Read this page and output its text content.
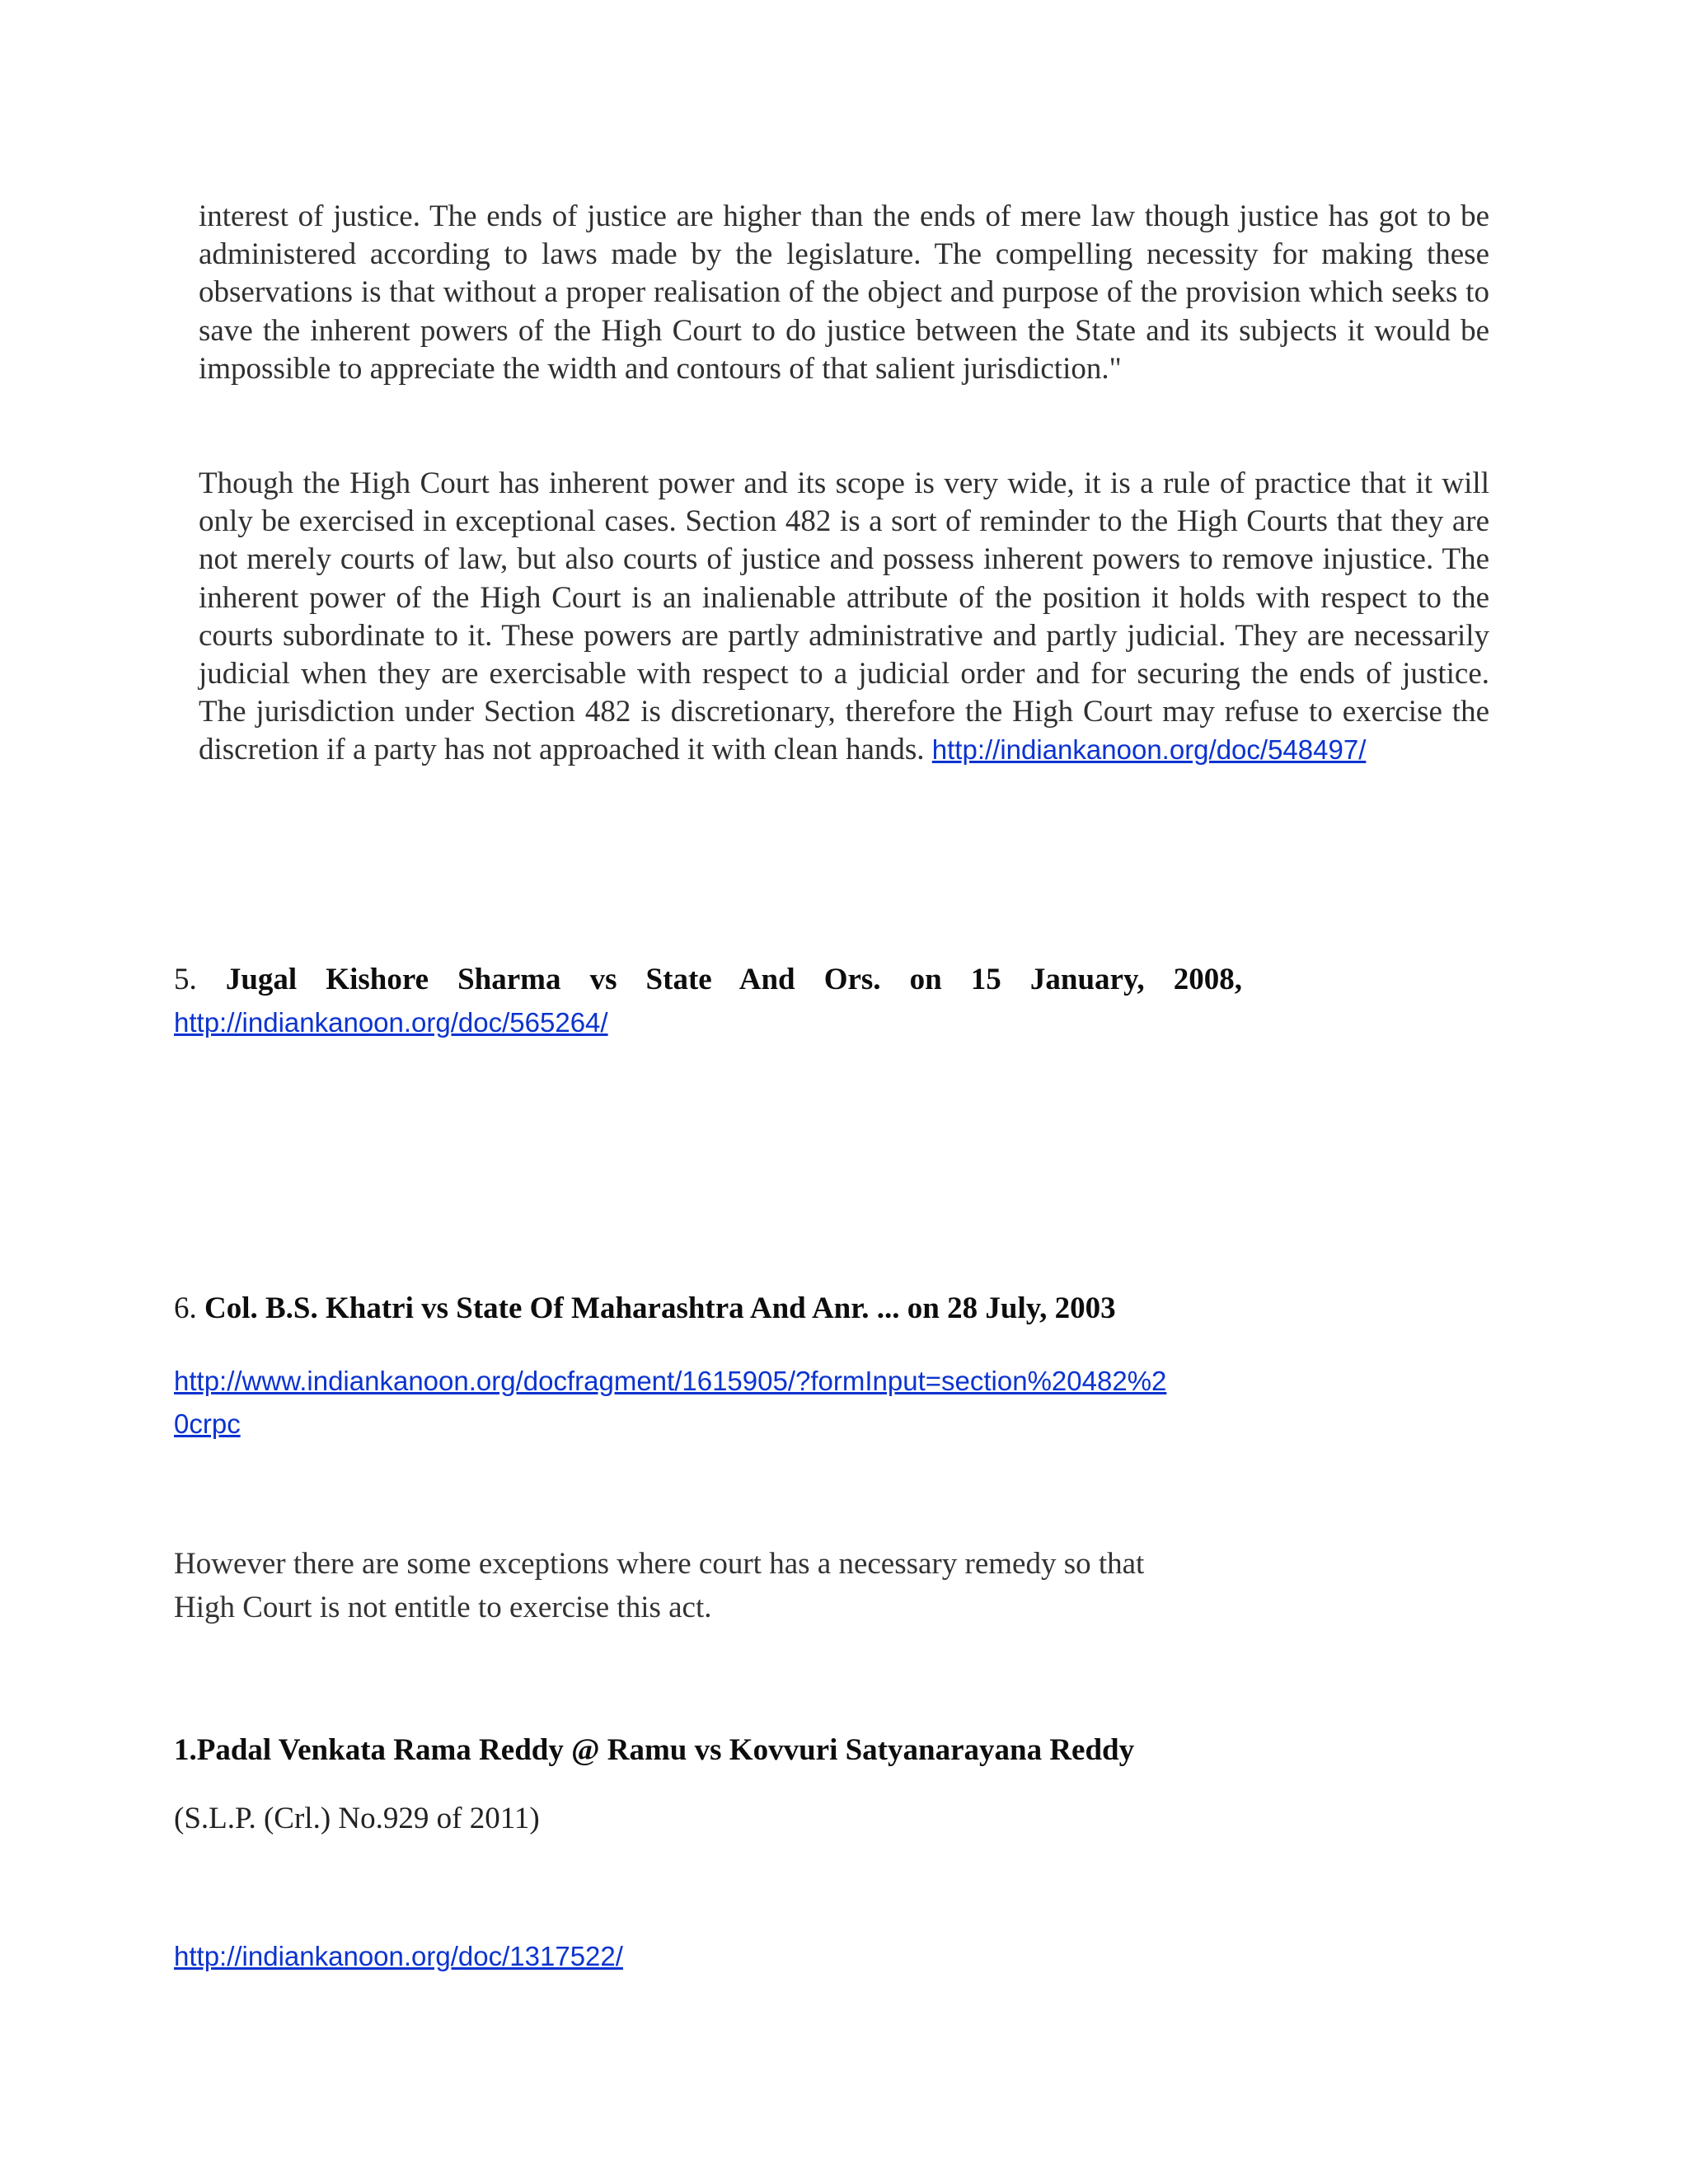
interest of justice. The ends of justice are higher than the ends of mere law though justice has got to be administered according to laws made by the legislature. The compelling necessity for making these observations is that without a proper realisation of the object and purpose of the provision which seeks to save the inherent powers of the High Court to do justice between the State and its subjects it would be impossible to appreciate the width and contours of that salient jurisdiction."

Though the High Court has inherent power and its scope is very wide, it is a rule of practice that it will only be exercised in exceptional cases. Section 482 is a sort of reminder to the High Courts that they are not merely courts of law, but also courts of justice and possess inherent powers to remove injustice. The inherent power of the High Court is an inalienable attribute of the position it holds with respect to the courts subordinate to it. These powers are partly administrative and partly judicial. They are necessarily judicial when they are exercisable with respect to a judicial order and for securing the ends of justice. The jurisdiction under Section 482 is discretionary, therefore the High Court may refuse to exercise the discretion if a party has not approached it with clean hands. http://indiankanoon.org/doc/548497/

5. Jugal Kishore Sharma vs State And Ors. on 15 January, 2008,

http://indiankanoon.org/doc/565264/

6. Col. B.S. Khatri vs State Of Maharashtra And Anr. ... on 28 July, 2003

http://www.indiankanoon.org/docfragment/1615905/?formInput=section%20482%2
0crpc

However there are some exceptions where court has a necessary remedy so that

High Court is not entitle to exercise this act.

1.Padal Venkata Rama Reddy @ Ramu vs Kovvuri Satyanarayana Reddy

(S.L.P. (Crl.) No.929 of 2011)

http://indiankanoon.org/doc/1317522/
